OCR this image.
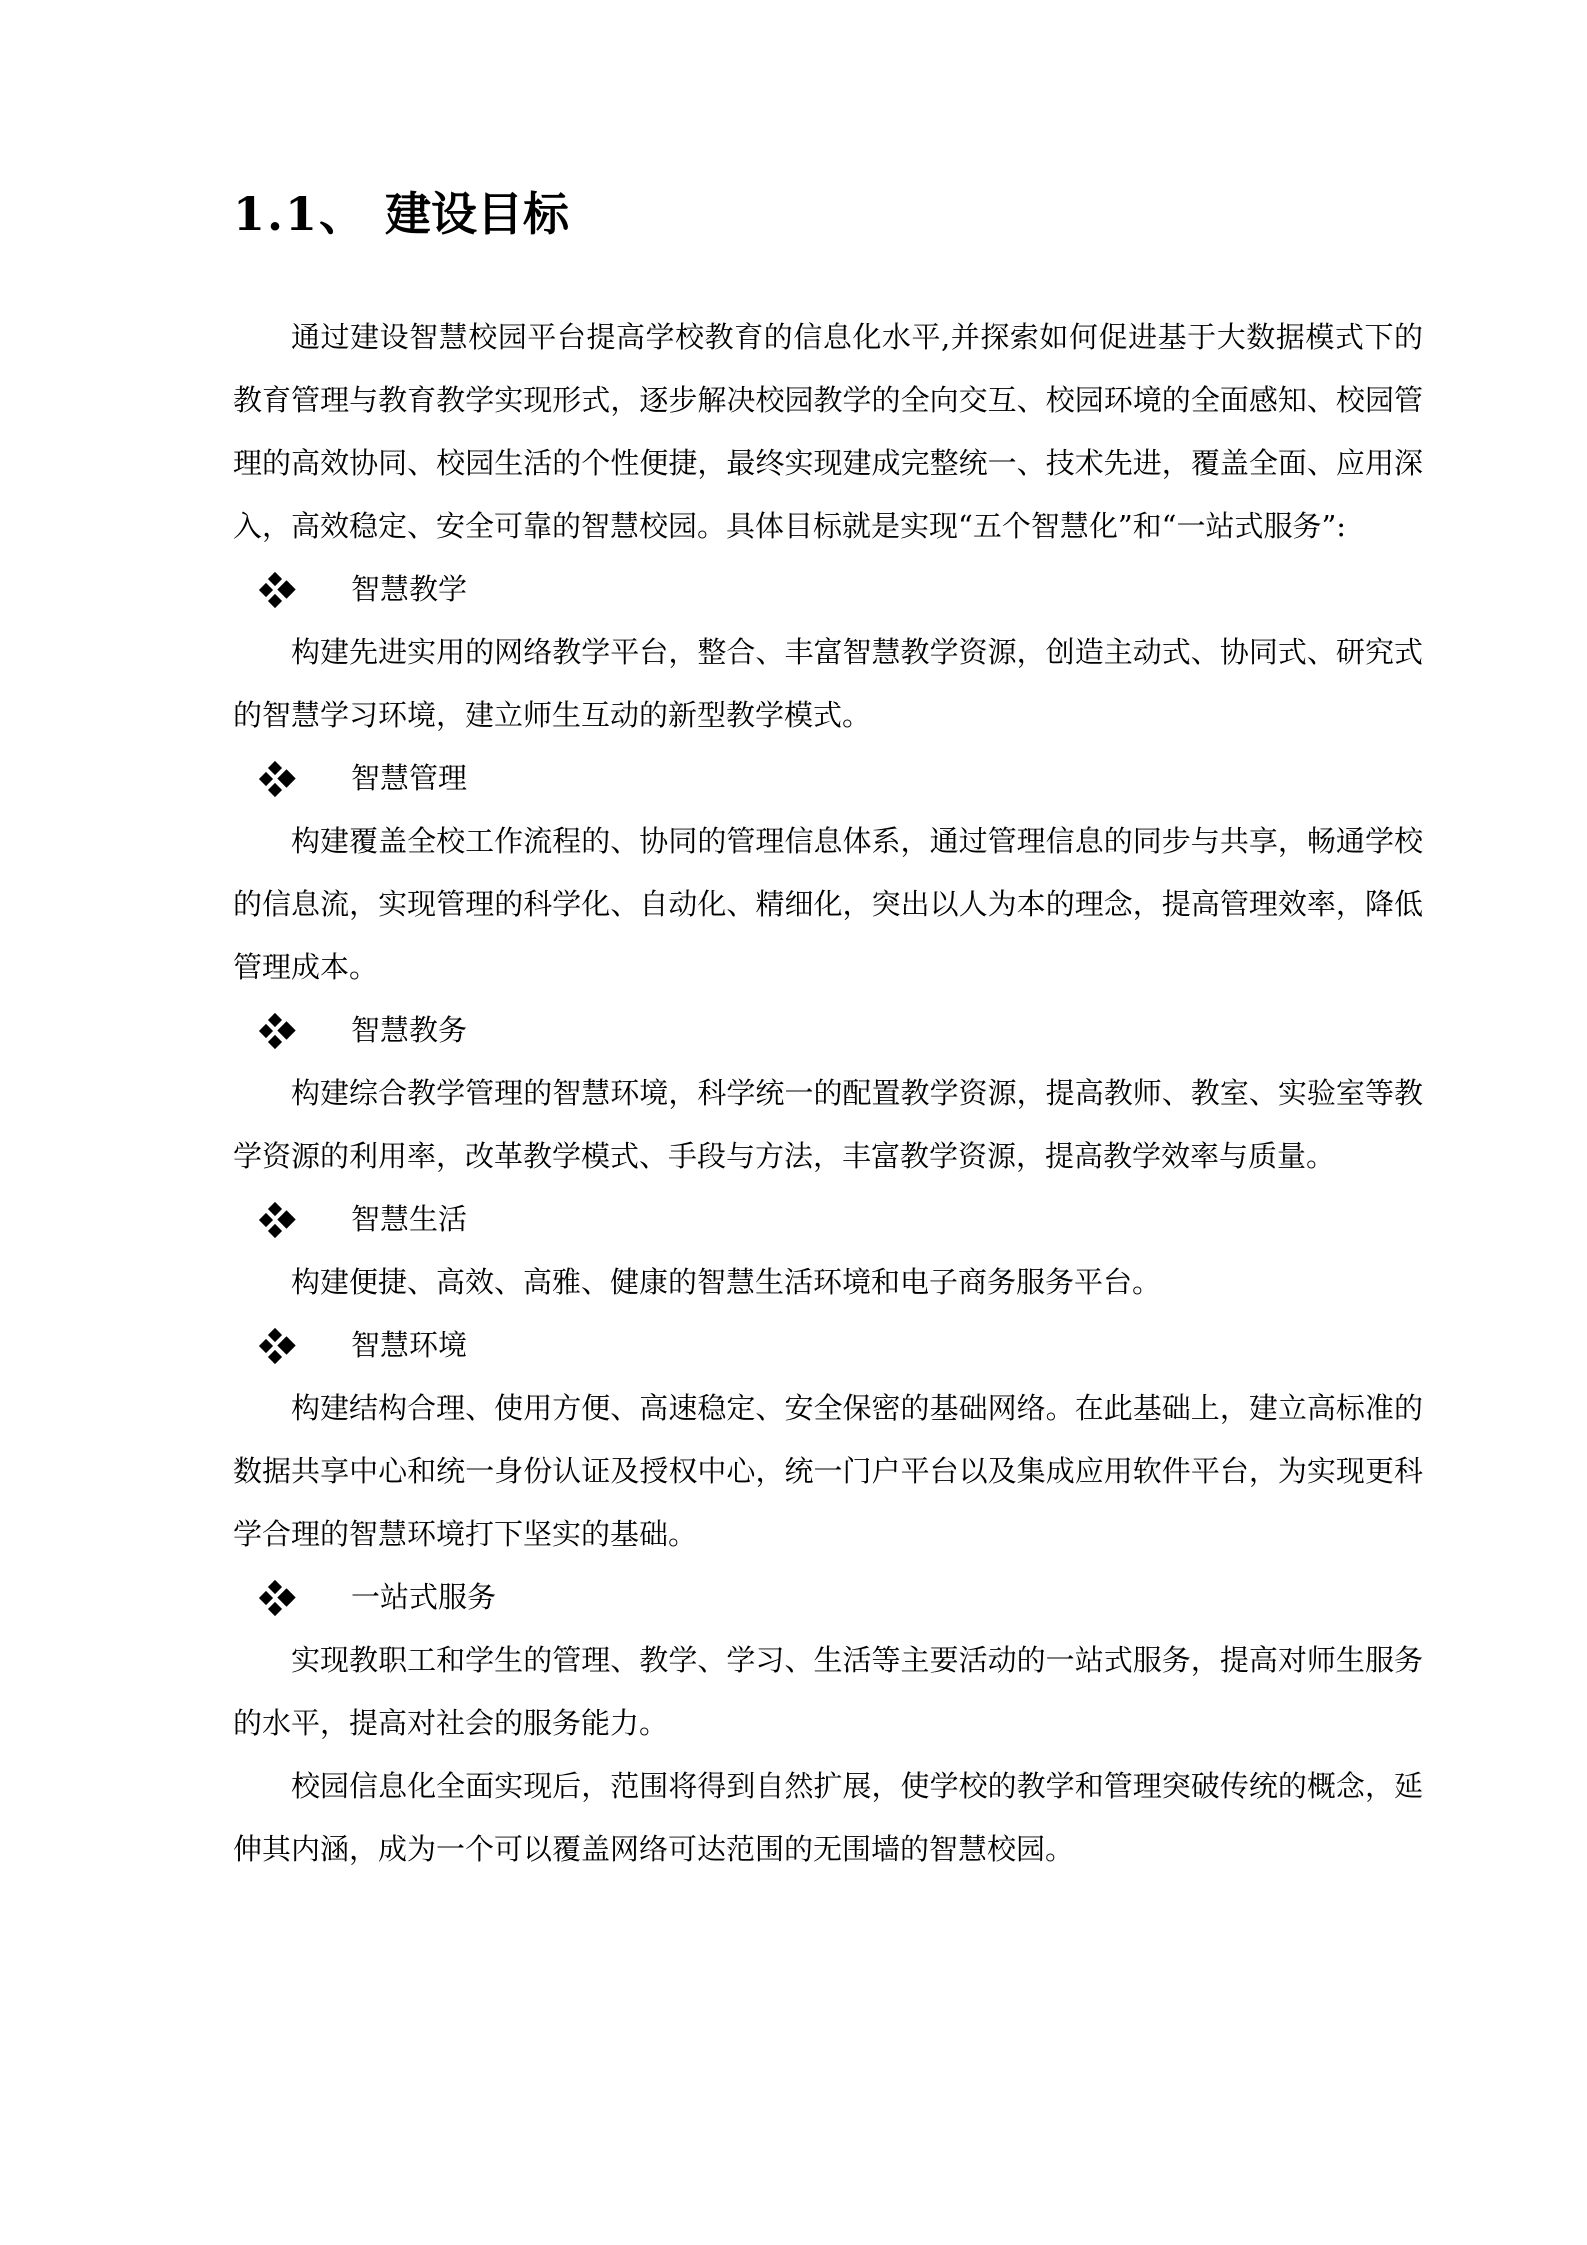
1.1、 建设目标

通过建设智慧校园平台提高学校教育的信息化水平,并探索如何促进基于大数据模式下的教育管理与教育教学实现形式，逐步解决校园教学的全向交互、校园环境的全面感知、校园管理的高效协同、校园生活的个性便捷，最终实现建成完整统一、技术先进，覆盖全面、应用深入，高效稳定、安全可靠的智慧校园。具体目标就是实现“五个智慧化”和“一站式服务”:

智慧教学

构建先进实用的网络教学平台，整合、丰富智慧教学资源，创造主动式、协同式、研究式的智慧学习环境，建立师生互动的新型教学模式。

智慧管理

构建覆盖全校工作流程的、协同的管理信息体系，通过管理信息的同步与共享，畅通学校的信息流，实现管理的科学化、自动化、精细化，突出以人为本的理念，提高管理效率，降低管理成本。

智慧教务

构建综合教学管理的智慧环境，科学统一的配置教学资源，提高教师、教室、实验室等教学资源的利用率，改革教学模式、手段与方法，丰富教学资源，提高教学效率与质量。

智慧生活

构建便捷、高效、高雅、健康的智慧生活环境和电子商务服务平台。

智慧环境

构建结构合理、使用方便、高速稳定、安全保密的基础网络。在此基础上，建立高标准的数据共享中心和统一身份认证及授权中心，统一门户平台以及集成应用软件平台，为实现更科学合理的智慧环境打下坚实的基础。

一站式服务

实现教职工和学生的管理、教学、学习、生活等主要活动的一站式服务，提高对师生服务的水平，提高对社会的服务能力。

校园信息化全面实现后，范围将得到自然扩展，使学校的教学和管理突破传统的概念，延伸其内涵，成为一个可以覆盖网络可达范围的无围墙的智慧校园。
